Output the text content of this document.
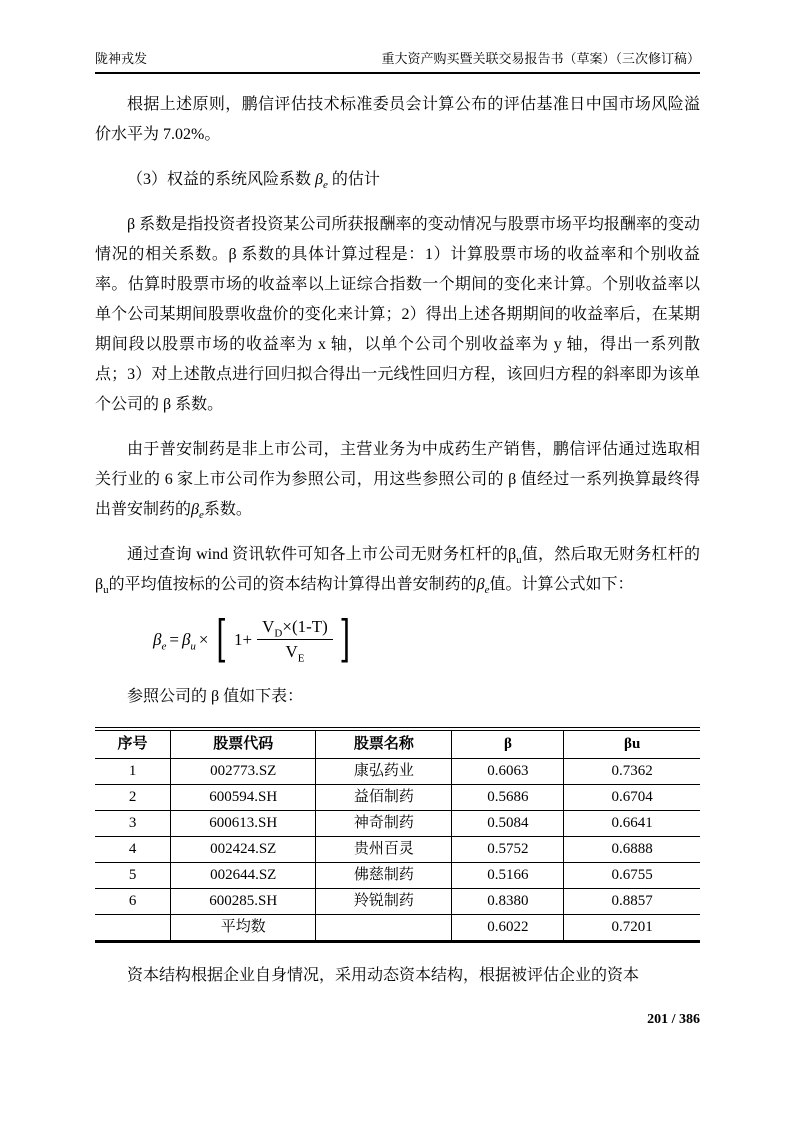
陇神戎发	重大资产购买暨关联交易报告书（草案）（三次修订稿）

根据上述原则，鹏信评估技术标准委员会计算公布的评估基准日中国市场风险溢价水平为 7.02%。

（3）权益的系统风险系数 $\beta_e$ 的估计

β 系数是指投资者投资某公司所获报酬率的变动情况与股票市场平均报酬率的变动情况的相关系数。β 系数的具体计算过程是：1）计算股票市场的收益率和个别收益率。估算时股票市场的收益率以上证综合指数一个期间的变化来计算。个别收益率以单个公司某期间股票收盘价的变化来计算；2）得出上述各期期间的收益率后，在某期期间段以股票市场的收益率为 x 轴，以单个公司个别收益率为 y 轴，得出一系列散点；3）对上述散点进行回归拟合得出一元线性回归方程，该回归方程的斜率即为该单个公司的 β 系数。

由于普安制药是非上市公司，主营业务为中成药生产销售，鹏信评估通过选取相关行业的 6 家上市公司作为参照公司，用这些参照公司的 β 值经过一系列换算最终得出普安制药的$\beta_e$系数。

通过查询 wind 资讯软件可知各上市公司无财务杠杆的$\beta_u$值，然后取无财务杠杆的$\beta_u$的平均值按标的公司的资本结构计算得出普安制药的$\beta_e$值。计算公式如下：

$\beta_e = \beta_u$ × [ $1+ \frac{V_D\times(1-T)}{V_E}$ ]

参照公司的 β 值如下表：

序号	股票代码	股票名称	β	βu
1	002773.SZ	康弘药业	0.6063	0.7362
2	600594.SH	益佰制药	0.5686	0.6704
3	600613.SH	神奇制药	0.5084	0.6641
4	002424.SZ	贵州百灵	0.5752	0.6888
5	002644.SZ	佛慈制药	0.5166	0.6755
6	600285.SH	羚锐制药	0.8380	0.8857
	平均数		0.6022	0.7201

资本结构根据企业自身情况，采用动态资本结构，根据被评估企业的资本

201 / 386
